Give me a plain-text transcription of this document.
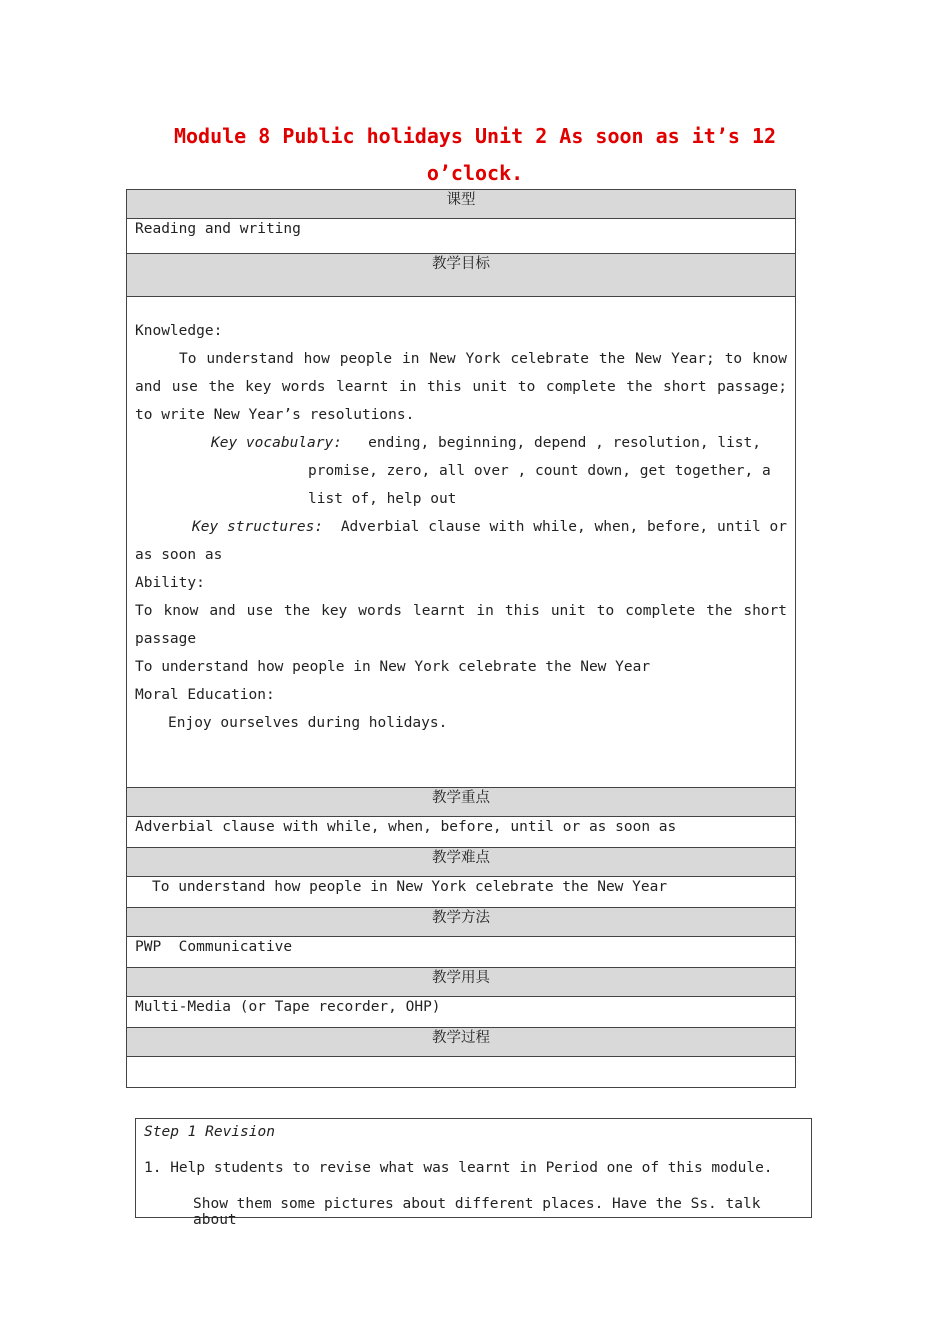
Module 8 Public holidays Unit 2 As soon as it’s 12
o’clock.
课型
Reading and writing
教学目标

Knowledge:

To understand how people in New York celebrate the New Year; to know and use the key words learnt in this unit to complete the short passage; to write New Year’s resolutions.

Key vocabulary: ending, beginning, depend , resolution, list,

promise, zero, all over , count down, get together, a

list of, help out

Key structures: Adverbial clause with while, when, before, until or as soon as

Ability:

To know and use the key words learnt in this unit to complete the short passage

To understand how people in New York celebrate the New Year

Moral Education:

Enjoy ourselves during holidays.

教学重点
Adverbial clause with while, when, before, until or as soon as
教学难点
To understand how people in New York celebrate the New Year
教学方法
PWP  Communicative
教学用具
Multi-Media (or Tape recorder, OHP)
教学过程

Step 1 Revision
1. Help students to revise what was learnt in Period one of this module.
Show them some pictures about different places. Have the Ss. talk about
